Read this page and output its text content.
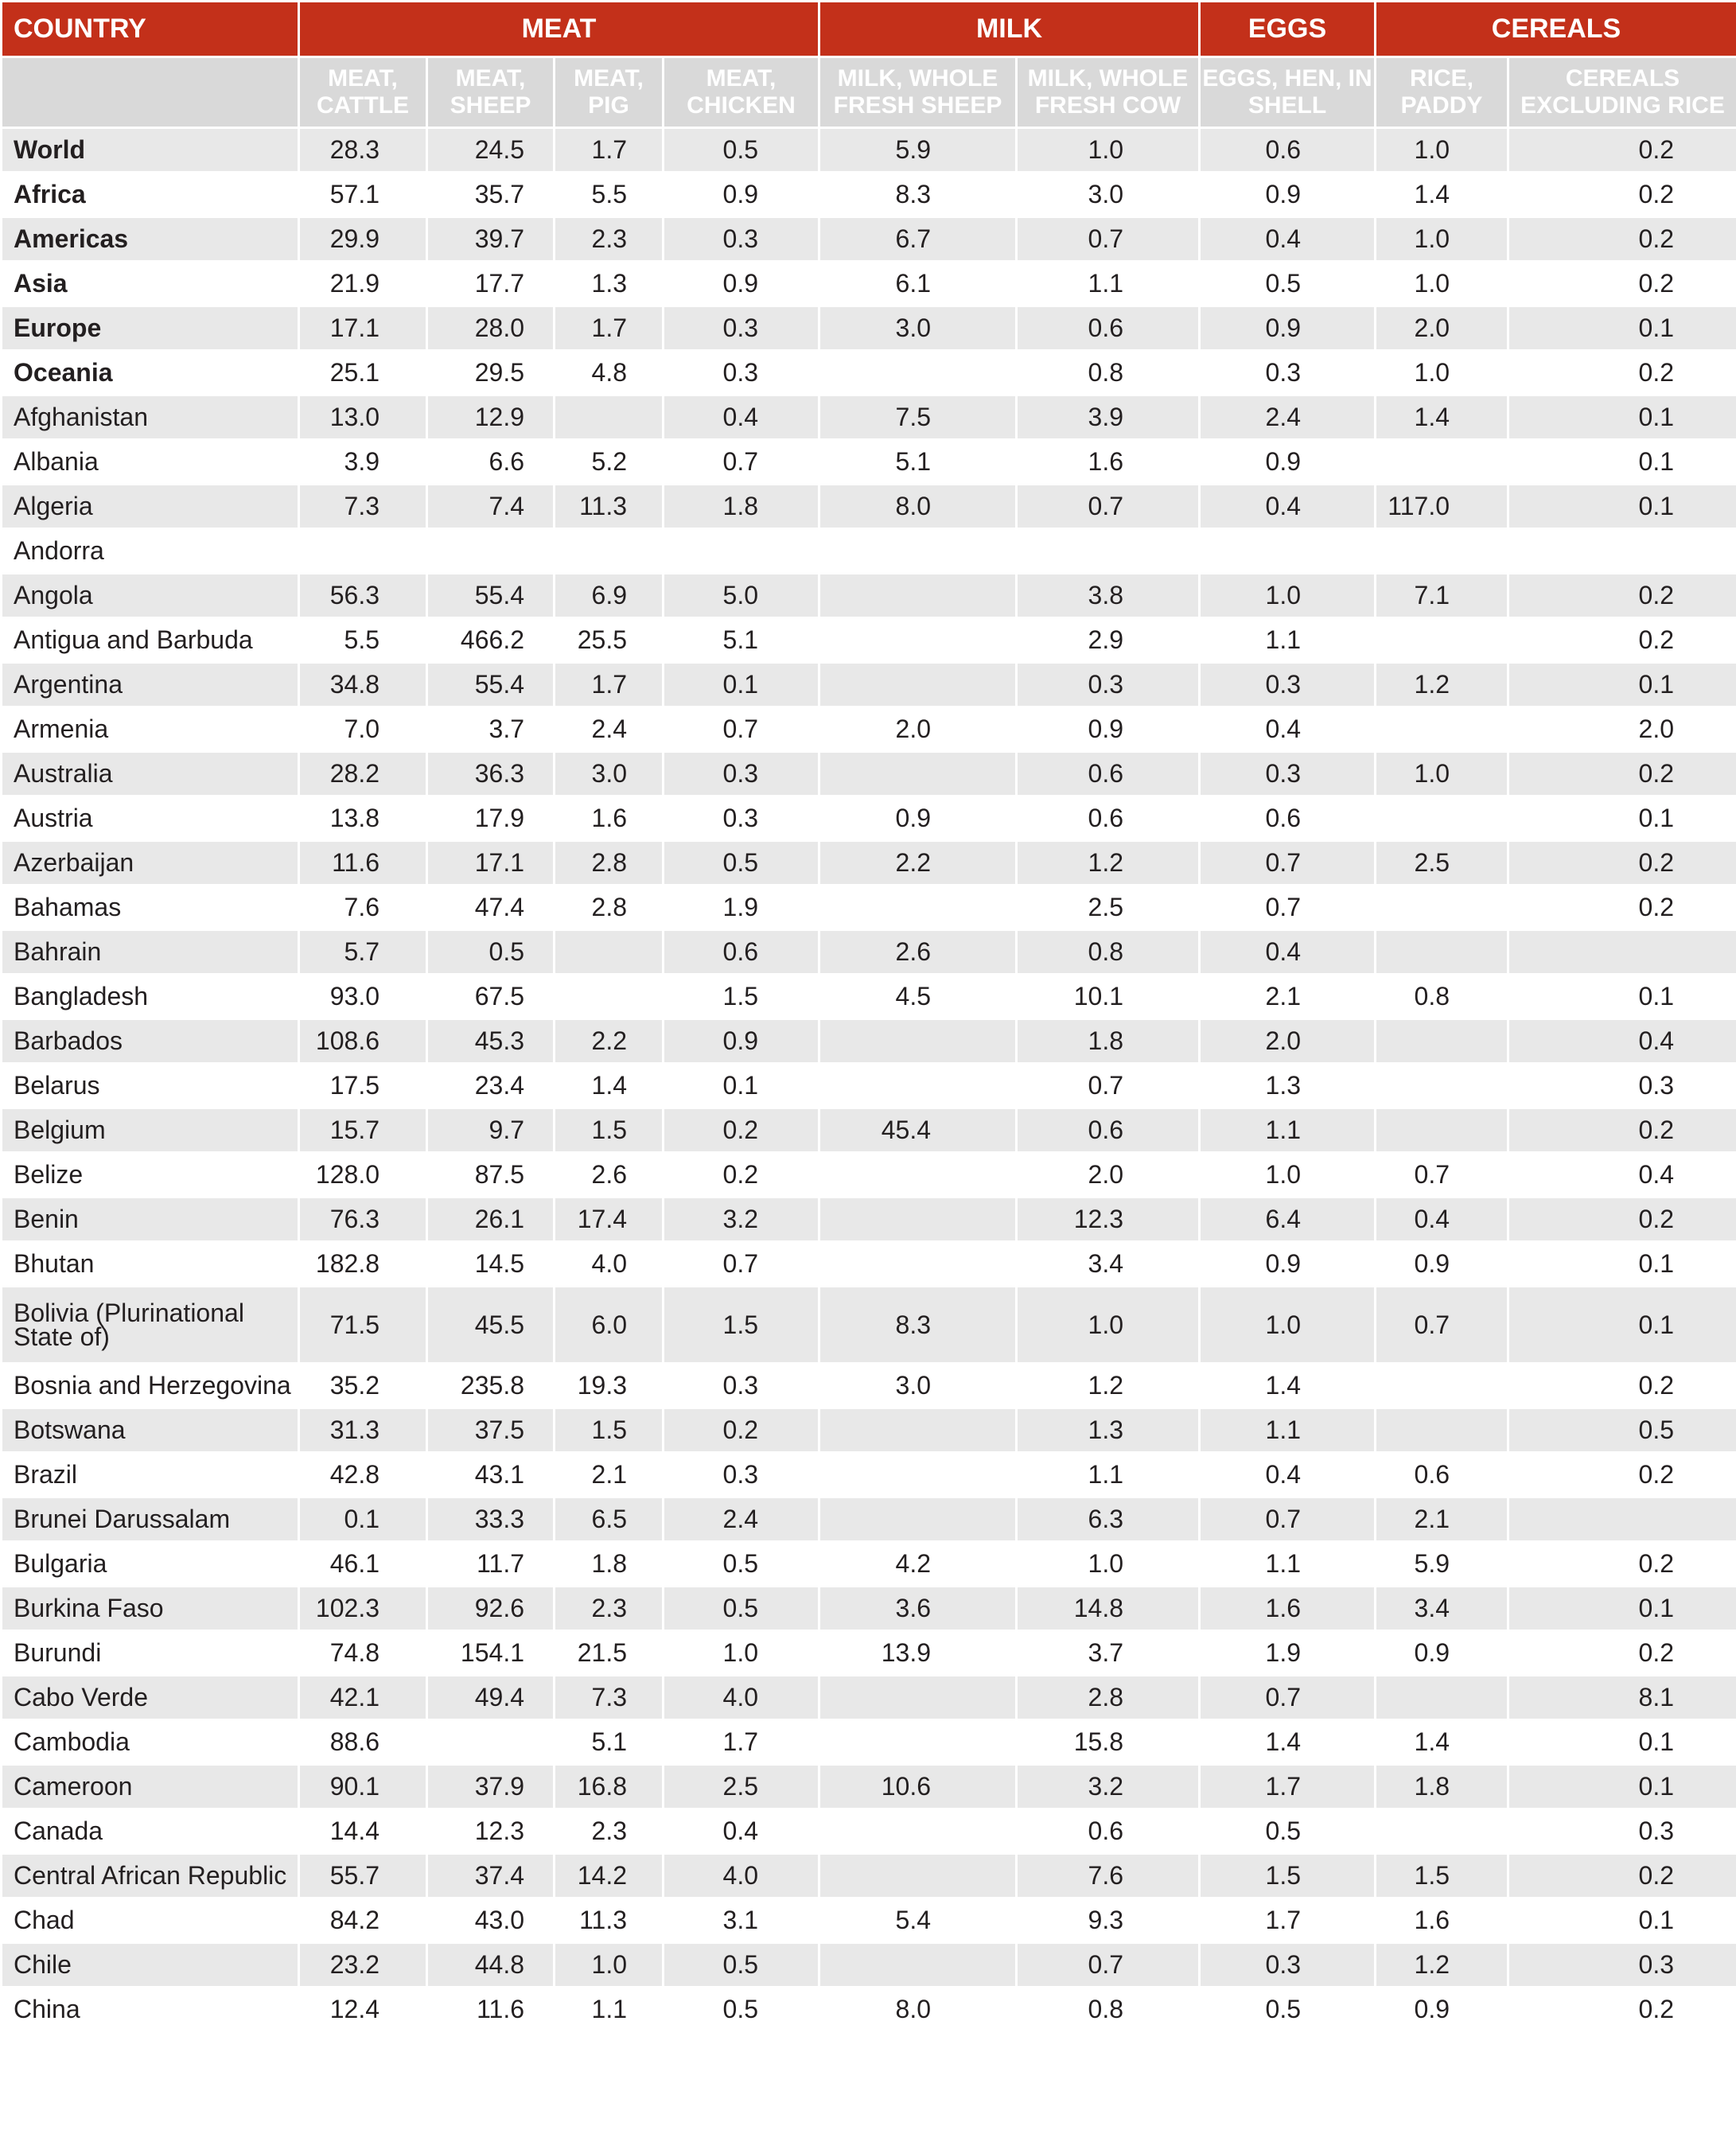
COUNTRY	MEAT				MILK		EGGS	CEREALS	
	MEAT, CATTLE	MEAT, SHEEP	MEAT, PIG	MEAT, CHICKEN	MILK, WHOLE FRESH SHEEP	MILK, WHOLE FRESH COW	EGGS, HEN, IN SHELL	RICE, PADDY	CEREALS EXCLUDING RICE
World	28.3	24.5	1.7	0.5	5.9	1.0	0.6	1.0	0.2
Africa	57.1	35.7	5.5	0.9	8.3	3.0	0.9	1.4	0.2
Americas	29.9	39.7	2.3	0.3	6.7	0.7	0.4	1.0	0.2
Asia	21.9	17.7	1.3	0.9	6.1	1.1	0.5	1.0	0.2
Europe	17.1	28.0	1.7	0.3	3.0	0.6	0.9	2.0	0.1
Oceania	25.1	29.5	4.8	0.3		0.8	0.3	1.0	0.2
Afghanistan	13.0	12.9		0.4	7.5	3.9	2.4	1.4	0.1
Albania	3.9	6.6	5.2	0.7	5.1	1.6	0.9		0.1
Algeria	7.3	7.4	11.3	1.8	8.0	0.7	0.4	117.0	0.1
Andorra									
Angola	56.3	55.4	6.9	5.0		3.8	1.0	7.1	0.2
Antigua and Barbuda	5.5	466.2	25.5	5.1		2.9	1.1		0.2
Argentina	34.8	55.4	1.7	0.1		0.3	0.3	1.2	0.1
Armenia	7.0	3.7	2.4	0.7	2.0	0.9	0.4		2.0
Australia	28.2	36.3	3.0	0.3		0.6	0.3	1.0	0.2
Austria	13.8	17.9	1.6	0.3	0.9	0.6	0.6		0.1
Azerbaijan	11.6	17.1	2.8	0.5	2.2	1.2	0.7	2.5	0.2
Bahamas	7.6	47.4	2.8	1.9		2.5	0.7		0.2
Bahrain	5.7	0.5		0.6	2.6	0.8	0.4		
Bangladesh	93.0	67.5		1.5	4.5	10.1	2.1	0.8	0.1
Barbados	108.6	45.3	2.2	0.9		1.8	2.0		0.4
Belarus	17.5	23.4	1.4	0.1		0.7	1.3		0.3
Belgium	15.7	9.7	1.5	0.2	45.4	0.6	1.1		0.2
Belize	128.0	87.5	2.6	0.2		2.0	1.0	0.7	0.4
Benin	76.3	26.1	17.4	3.2		12.3	6.4	0.4	0.2
Bhutan	182.8	14.5	4.0	0.7		3.4	0.9	0.9	0.1
Bolivia (Plurinational State of)	71.5	45.5	6.0	1.5	8.3	1.0	1.0	0.7	0.1
Bosnia and Herzegovina	35.2	235.8	19.3	0.3	3.0	1.2	1.4		0.2
Botswana	31.3	37.5	1.5	0.2		1.3	1.1		0.5
Brazil	42.8	43.1	2.1	0.3		1.1	0.4	0.6	0.2
Brunei Darussalam	0.1	33.3	6.5	2.4		6.3	0.7	2.1	
Bulgaria	46.1	11.7	1.8	0.5	4.2	1.0	1.1	5.9	0.2
Burkina Faso	102.3	92.6	2.3	0.5	3.6	14.8	1.6	3.4	0.1
Burundi	74.8	154.1	21.5	1.0	13.9	3.7	1.9	0.9	0.2
Cabo Verde	42.1	49.4	7.3	4.0		2.8	0.7		8.1
Cambodia	88.6		5.1	1.7		15.8	1.4	1.4	0.1
Cameroon	90.1	37.9	16.8	2.5	10.6	3.2	1.7	1.8	0.1
Canada	14.4	12.3	2.3	0.4		0.6	0.5		0.3
Central African Republic	55.7	37.4	14.2	4.0		7.6	1.5	1.5	0.2
Chad	84.2	43.0	11.3	3.1	5.4	9.3	1.7	1.6	0.1
Chile	23.2	44.8	1.0	0.5		0.7	0.3	1.2	0.3
China	12.4	11.6	1.1	0.5	8.0	0.8	0.5	0.9	0.2
